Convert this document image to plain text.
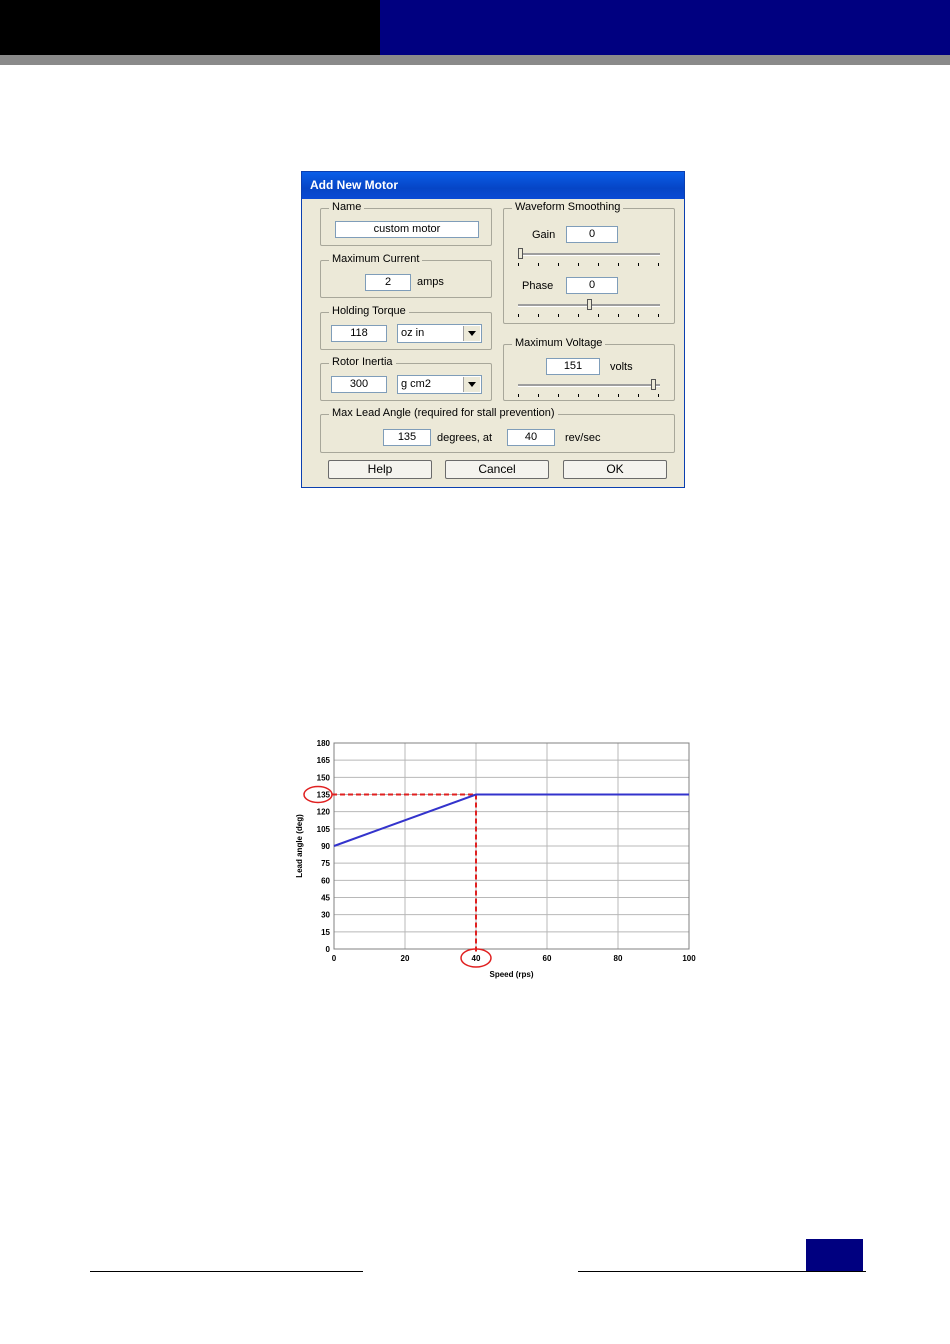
Add New Motor
Name
custom motor
Maximum Current
2	amps
Holding Torque
118	oz in
Rotor Inertia
300	g cm2
Waveform Smoothing
Gain	0
Phase	0
Maximum Voltage
151	volts
Max Lead Angle (required for stall prevention)
135	degrees, at	40	rev/sec
Help	Cancel	OK
0
15
30
45
60
75
90
105
120
135
150
165
180
0	20	40	60	80	100
Speed (rps)
Lead angle (deg)
